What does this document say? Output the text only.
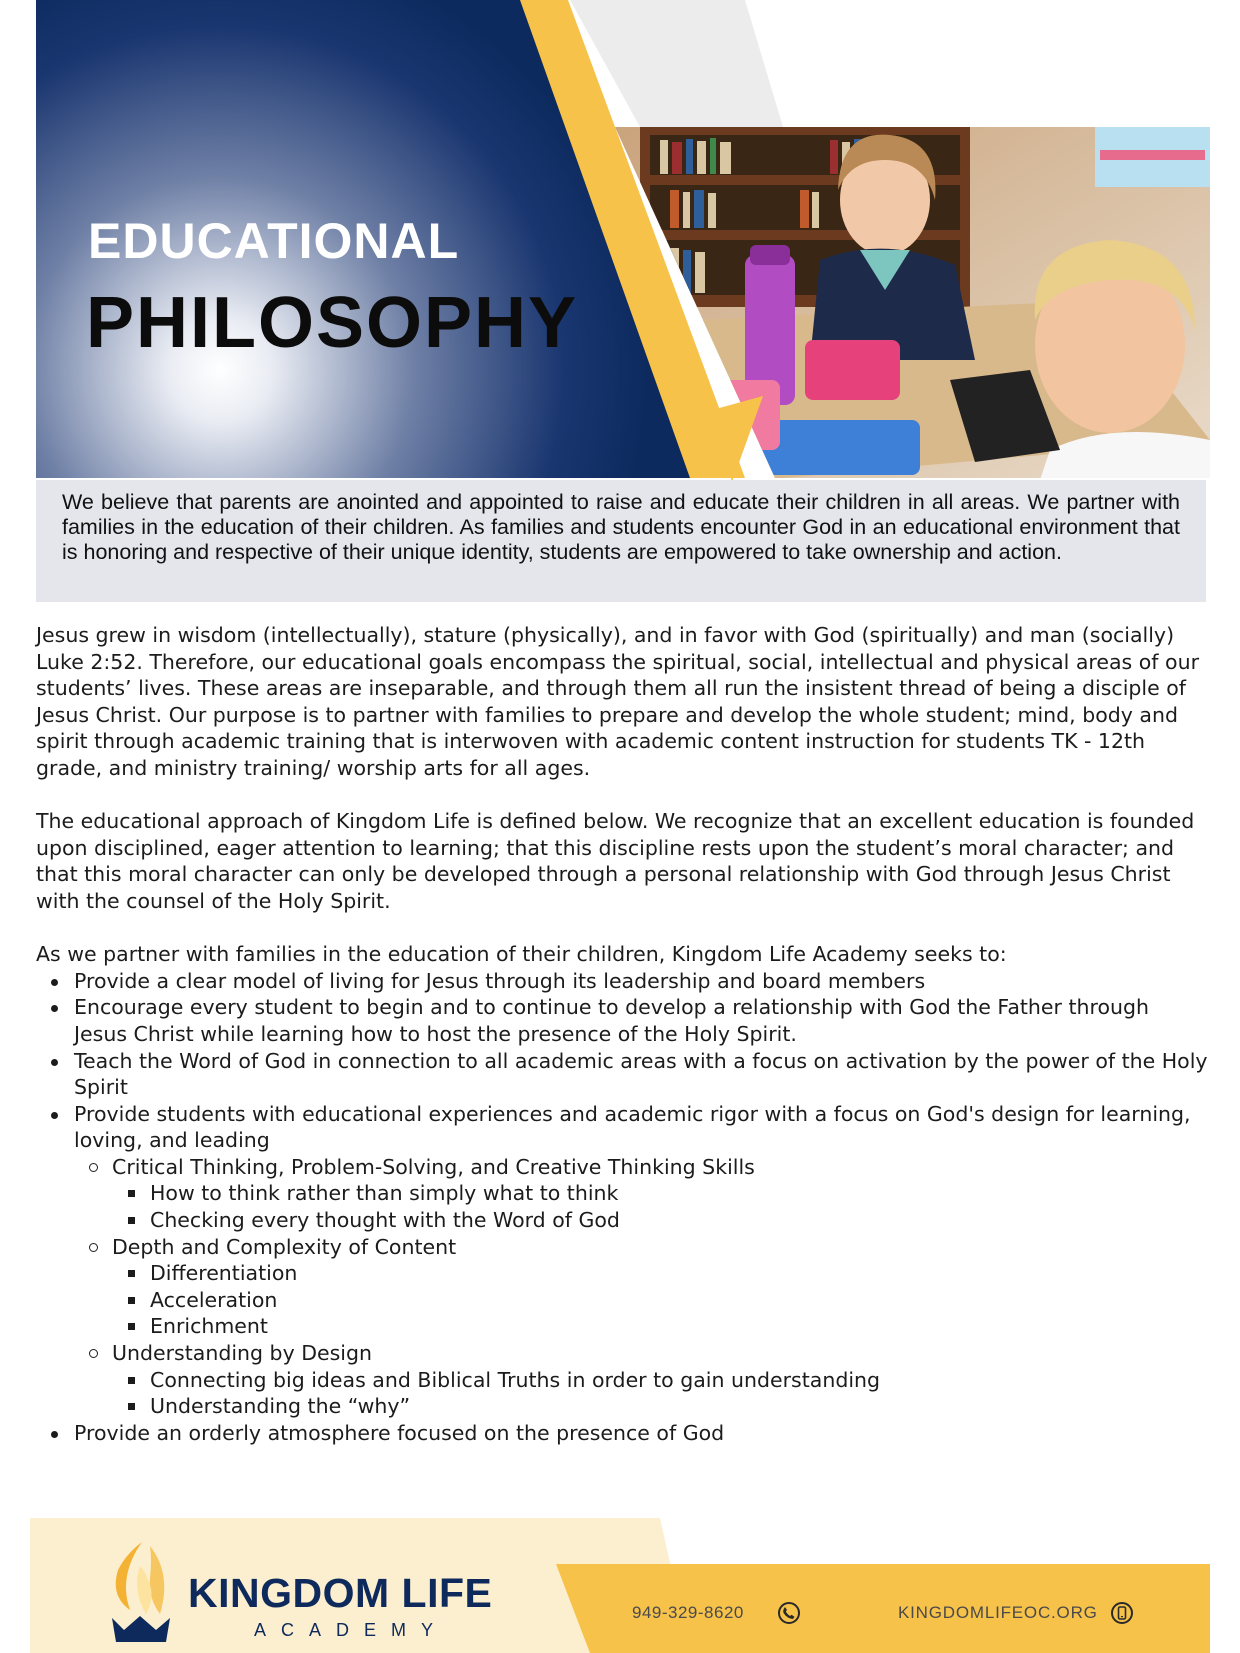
EDUCATIONAL
PHILOSOPHY

We believe that parents are anointed and appointed to raise and educate their children in all areas. We partner with families in the education of their children. As families and students encounter God in an educational environment that is honoring and respective of their unique identity, students are empowered to take ownership and action.

Jesus grew in wisdom (intellectually), stature (physically), and in favor with God (spiritually) and man (socially) Luke 2:52. Therefore, our educational goals encompass the spiritual, social, intellectual and physical areas of our students’ lives. These areas are inseparable, and through them all run the insistent thread of being a disciple of Jesus Christ. Our purpose is to partner with families to prepare and develop the whole student; mind, body and spirit through academic training that is interwoven with academic content instruction for students TK - 12th grade, and ministry training/ worship arts for all ages.

The educational approach of Kingdom Life is defined below. We recognize that an excellent education is founded upon disciplined, eager attention to learning; that this discipline rests upon the student’s moral character; and that this moral character can only be developed through a personal relationship with God through Jesus Christ with the counsel of the Holy Spirit.

As we partner with families in the education of their children, Kingdom Life Academy seeks to:

Provide a clear model of living for Jesus through its leadership and board members
Encourage every student to begin and to continue to develop a relationship with God the Father through Jesus Christ while learning how to host the presence of the Holy Spirit.
Teach the Word of God in connection to all academic areas with a focus on activation by the power of the Holy Spirit
Provide students with educational experiences and academic rigor with a focus on God's design for learning, loving, and leading
Critical Thinking, Problem-Solving, and Creative Thinking Skills
How to think rather than simply what to think
Checking every thought with the Word of God
Depth and Complexity of Content
Differentiation
Acceleration
Enrichment
Understanding by Design
Connecting big ideas and Biblical Truths in order to gain understanding
Understanding the “why”
Provide an orderly atmosphere focused on the presence of God
KINGDOM LIFE
ACADEMY
949-329-8620	KINGDOMLIFEOC.ORG
